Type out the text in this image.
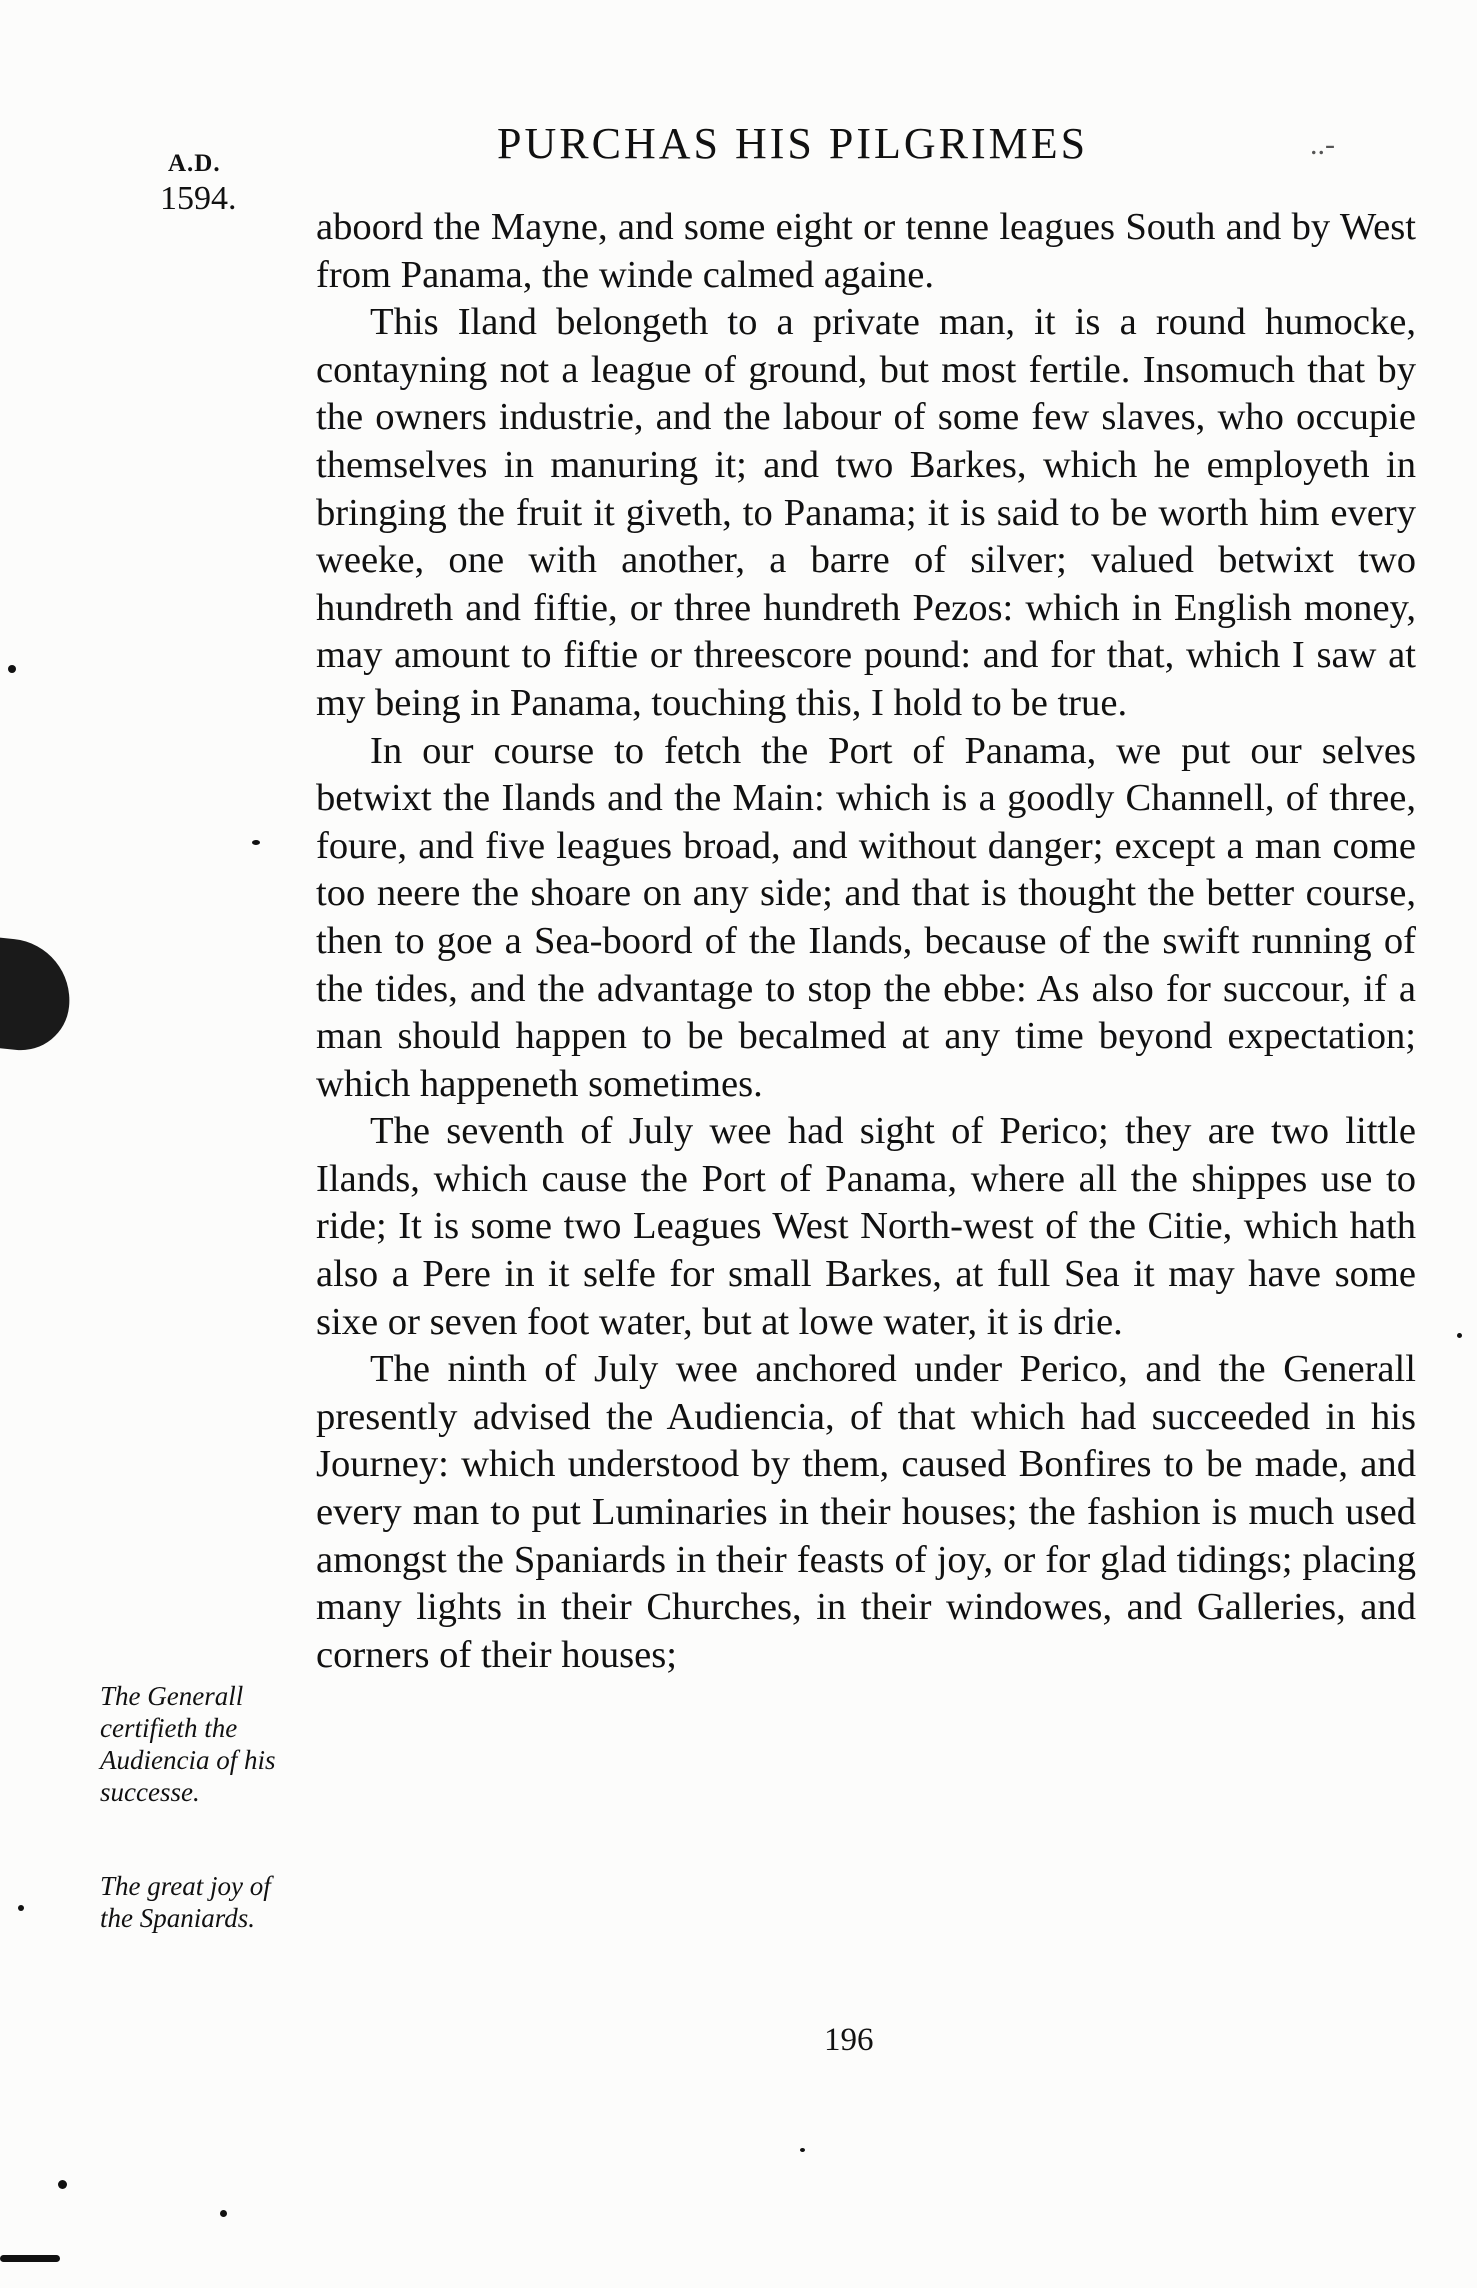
A.D.
1594.
PURCHAS HIS PILGRIMES	..-

aboord the Mayne, and some eight or tenne leagues South and by West from Panama, the winde calmed againe.

This Iland belongeth to a private man, it is a round humocke, contayning not a league of ground, but most fertile. Insomuch that by the owners industrie, and the labour of some few slaves, who occupie themselves in manuring it; and two Barkes, which he employeth in bringing the fruit it giveth, to Panama; it is said to be worth him every weeke, one with another, a barre of silver; valued betwixt two hundreth and fiftie, or three hundreth Pezos: which in English money, may amount to fiftie or threescore pound: and for that, which I saw at my being in Panama, touching this, I hold to be true.

In our course to fetch the Port of Panama, we put our selves betwixt the Ilands and the Main: which is a goodly Channell, of three, foure, and five leagues broad, and without danger; except a man come too neere the shoare on any side; and that is thought the better course, then to goe a Sea-boord of the Ilands, because of the swift running of the tides, and the advantage to stop the ebbe: As also for succour, if a man should happen to be becalmed at any time beyond expectation; which happeneth sometimes.

The seventh of July wee had sight of Perico; they are two little Ilands, which cause the Port of Panama, where all the shippes use to ride; It is some two Leagues West North-west of the Citie, which hath also a Pere in it selfe for small Barkes, at full Sea it may have some sixe or seven foot water, but at lowe water, it is drie.

The ninth of July wee anchored under Perico, and the Generall presently advised the Audiencia, of that which had succeeded in his Journey: which understood by them, caused Bonfires to be made, and every man to put Luminaries in their houses; the fashion is much used amongst the Spaniards in their feasts of joy, or for glad tidings; placing many lights in their Churches, in their windowes, and Galleries, and corners of their houses;

The Generall certifieth the Audiencia of his successe.
The great joy of the Spaniards.
196
